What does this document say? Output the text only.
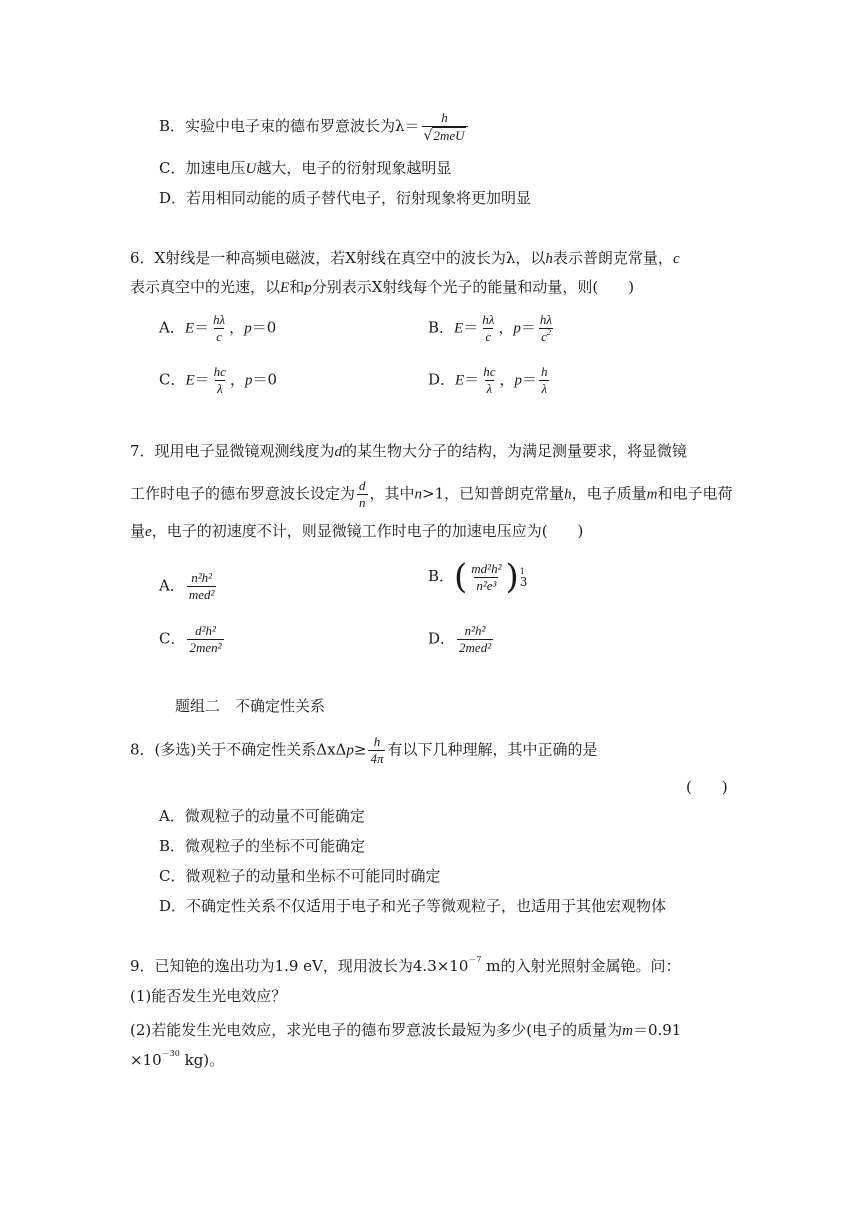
B．实验中电子束的德布罗意波长为$\lambda= \frac{h}{\text{√2meU}}$
C．加速电压U越大，电子的衍射现象越明显
D．若用相同动能的质子替代电子，衍射现象将更加明显
6．X射线是一种高频电磁波，若X射线在真空中的波长为λ，以h表示普朗克常量，c
表示真空中的光速，以E和p分别表示X射线每个光子的能量和动量，则(　　)
A．$E= \frac{h\lambda}{c}$ ，p＝0	B．$E= \frac{h\lambda}{c}$ ，$p= \frac{h\lambda}{c^2}$
C．$E= \frac{hc}{\lambda}$ ，p＝0	D．$E= \frac{hc}{\lambda}$ ，$p= \frac{h}{\lambda}$
7．现用电子显微镜观测线度为d的某生物大分子的结构，为满足测量要求，将显微镜
工作时电子的德布罗意波长设定为 $\frac{d}{n}$ ，其中n>1，已知普朗克常量h，电子质量m和电子电荷
量e，电子的初速度不计，则显微镜工作时电子的加速电压应为(　　)
A． $\frac{\text{n²h²}}{\text{med²}}$	B．( $\frac{\text{md²h²}}{\text{n²e³}}$ ) 1
3
C． $\frac{\text{d²h²}}{\text{2men²}}$	D． $\frac{\text{n²h²}}{\text{2med²}}$
题组二　不确定性关系
8．(多选)关于不确定性关系$\Delta x\Delta p\ge \frac{h}{4\pi}$ 有以下几种理解，其中正确的是
(　　)
A．微观粒子的动量不可能确定
B．微观粒子的坐标不可能确定
C．微观粒子的动量和坐标不可能同时确定
D．不确定性关系不仅适用于电子和光子等微观粒子，也适用于其他宏观物体
9．已知铯的逸出功为1.9 eV，现用波长为$4.3\times 10^{-7}$ m的入射光照射金属铯。问：
(1)能否发生光电效应？
(2)若能发生光电效应，求光电子的德布罗意波长最短为多少(电子的质量为m＝0.91
$\times 10^{-30}$ kg)。
